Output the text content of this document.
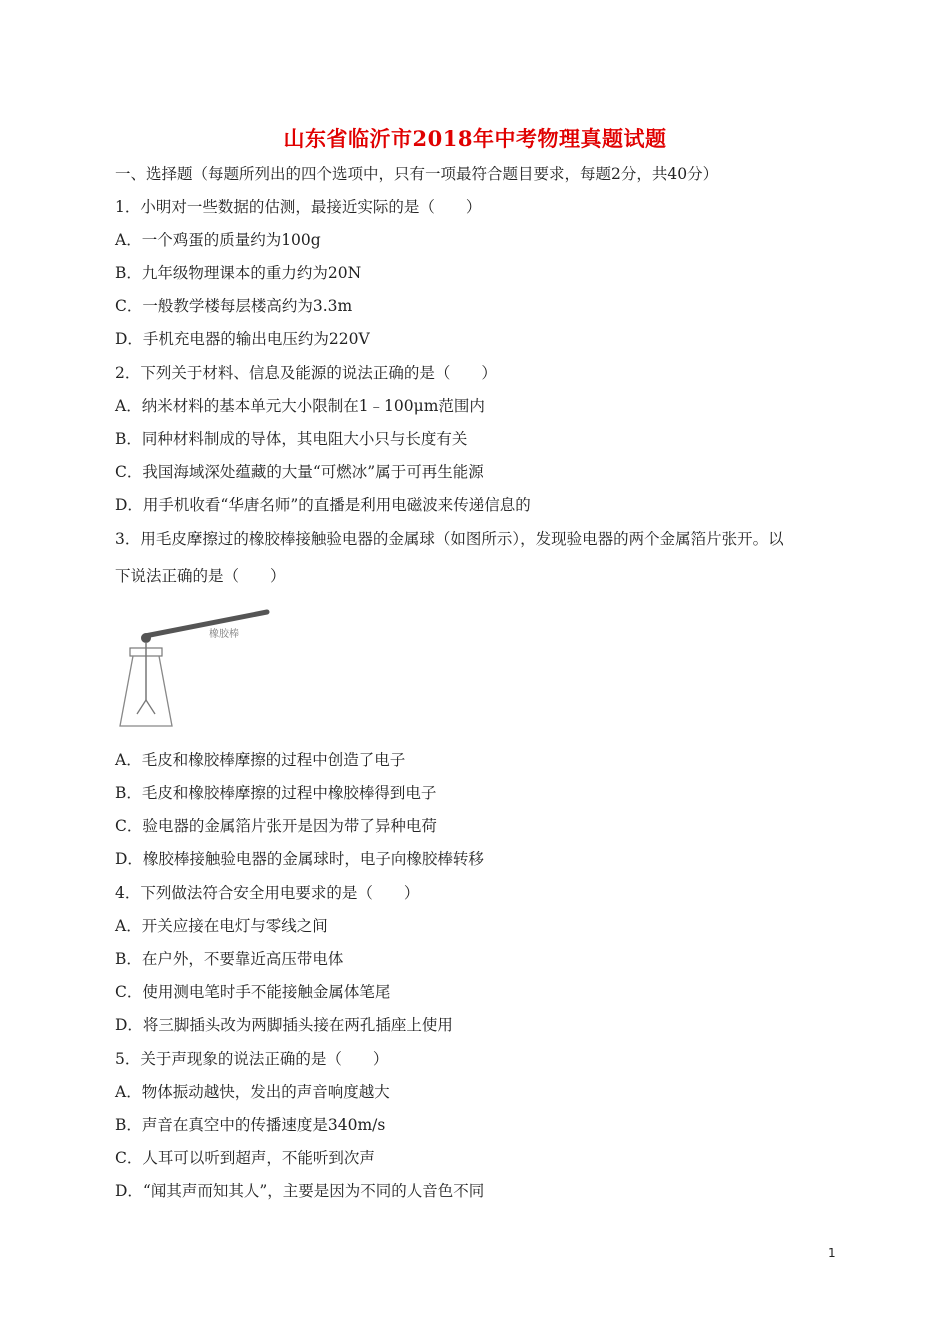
山东省临沂市2018年中考物理真题试题
一、选择题（每题所列出的四个选项中，只有一项最符合题目要求，每题2分，共40分）
1．小明对一些数据的估测，最接近实际的是（　　）
A．一个鸡蛋的质量约为100g
B．九年级物理课本的重力约为20N
C．一般教学楼每层楼高约为3.3m
D．手机充电器的输出电压约为220V
2．下列关于材料、信息及能源的说法正确的是（　　）
A．纳米材料的基本单元大小限制在1﹣100μm范围内
B．同种材料制成的导体，其电阻大小只与长度有关
C．我国海域深处蕴藏的大量“可燃冰”属于可再生能源
D．用手机收看“华唐名师”的直播是利用电磁波来传递信息的
3．用毛皮摩擦过的橡胶棒接触验电器的金属球（如图所示），发现验电器的两个金属箔片张开。以
下说法正确的是（　　）
橡胶棒
A．毛皮和橡胶棒摩擦的过程中创造了电子
B．毛皮和橡胶棒摩擦的过程中橡胶棒得到电子
C．验电器的金属箔片张开是因为带了异种电荷
D．橡胶棒接触验电器的金属球时，电子向橡胶棒转移
4．下列做法符合安全用电要求的是（　　）
A．开关应接在电灯与零线之间
B．在户外，不要靠近高压带电体
C．使用测电笔时手不能接触金属体笔尾
D．将三脚插头改为两脚插头接在两孔插座上使用
5．关于声现象的说法正确的是（　　）
A．物体振动越快，发出的声音响度越大
B．声音在真空中的传播速度是340m/s
C．人耳可以听到超声，不能听到次声
D．“闻其声而知其人”，主要是因为不同的人音色不同
1
